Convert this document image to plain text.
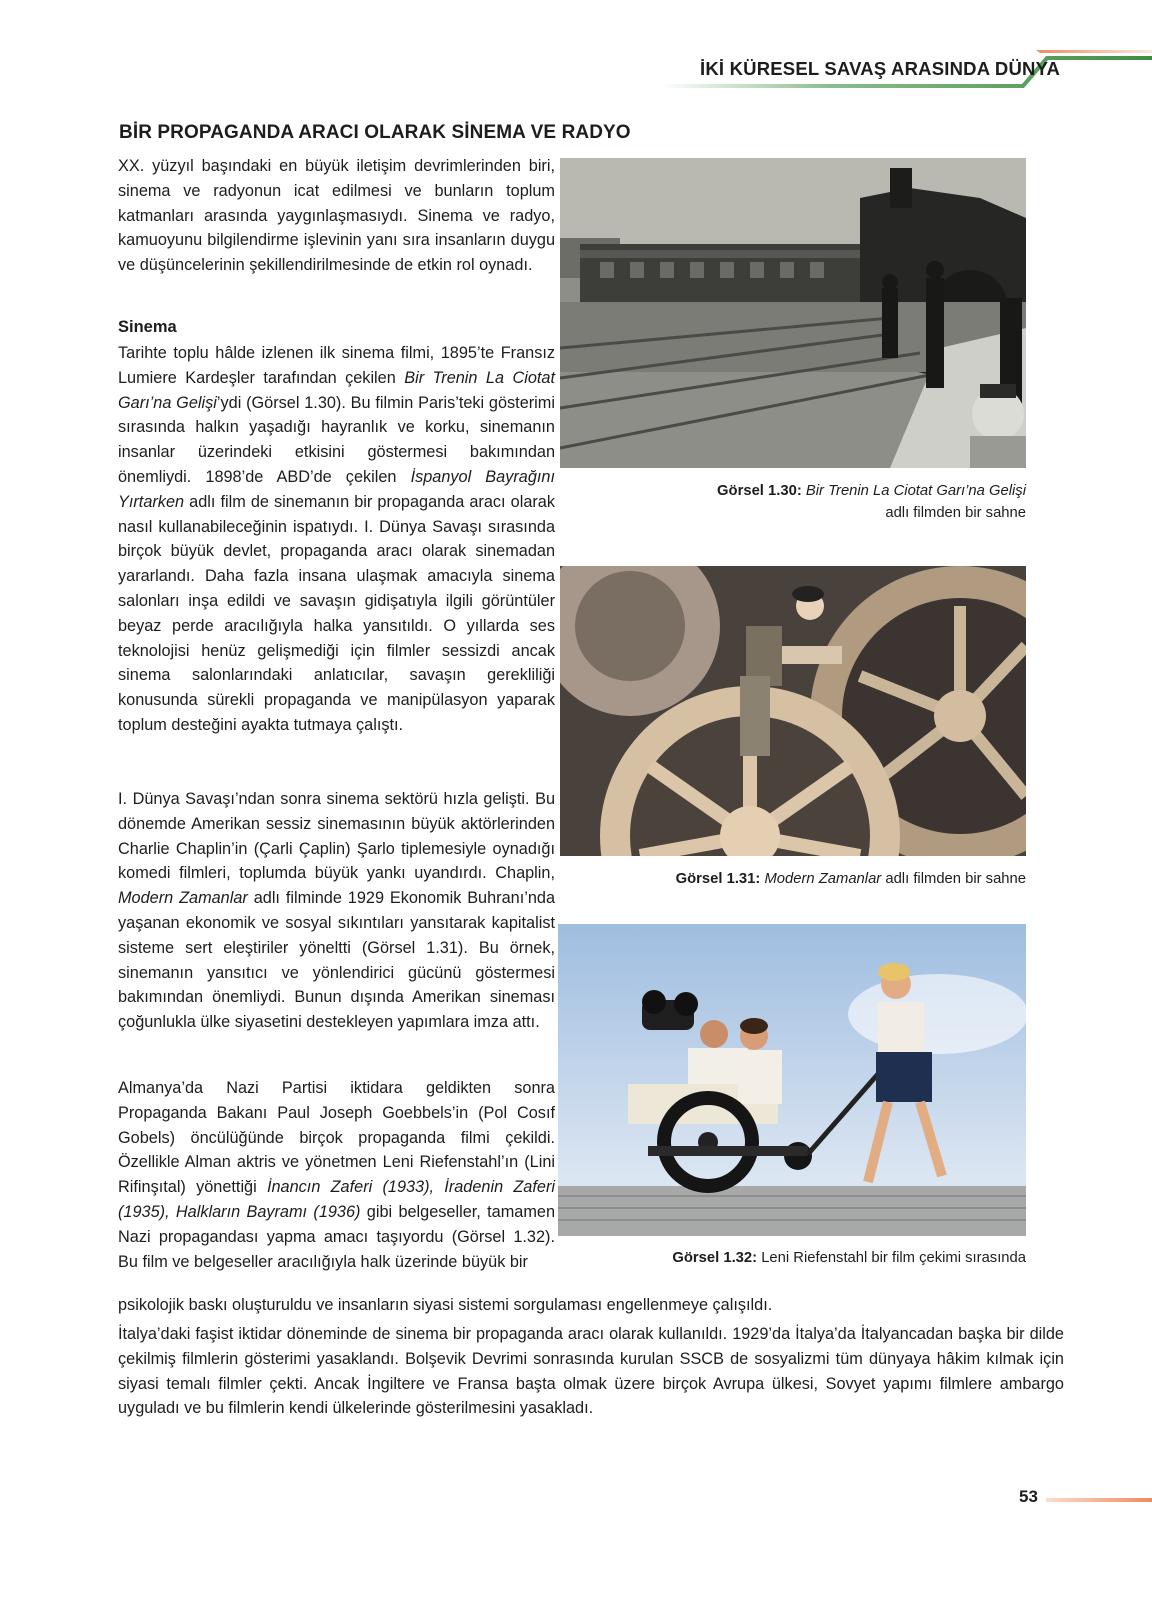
İKİ KÜRESEL SAVAŞ ARASINDA DÜNYA
BİR PROPAGANDA ARACI OLARAK SİNEMA VE RADYO

XX. yüzyıl başındaki en büyük iletişim devrimlerinden biri, sinema ve radyonun icat edilmesi ve bunların toplum katmanları arasında yaygınlaşmasıydı. Sinema ve radyo, kamuoyunu bilgilendirme işlevinin yanı sıra insanların duygu ve düşüncelerinin şekillendirilmesinde de etkin rol oynadı.

Sinema

Tarihte toplu hâlde izlenen ilk sinema filmi, 1895’te Fransız Lumiere Kardeşler tarafından çekilen Bir Trenin La Ciotat Garı’na Gelişi’ydi (Görsel 1.30). Bu filmin Paris’teki gösterimi sırasında halkın yaşadığı hayranlık ve korku, sinemanın insanlar üzerindeki etkisini göstermesi bakımından önemliydi. 1898’de ABD’de çekilen İspanyol Bayrağını Yırtarken adlı film de sinemanın bir propaganda aracı olarak nasıl kullanabileceğinin ispatıydı. I. Dünya Savaşı sırasında birçok büyük devlet, propaganda aracı olarak sinemadan yararlandı. Daha fazla insana ulaşmak amacıyla sinema salonları inşa edildi ve savaşın gidişatıyla ilgili görüntüler beyaz perde aracılığıyla halka yansıtıldı. O yıllarda ses teknolojisi henüz gelişmediği için filmler sessizdi ancak sinema salonlarındaki anlatıcılar, savaşın gerekliliği konusunda sürekli propaganda ve manipülasyon yaparak toplum desteğini ayakta tutmaya çalıştı.

I. Dünya Savaşı’ndan sonra sinema sektörü hızla gelişti. Bu dönemde Amerikan sessiz sinemasının büyük aktörlerinden Charlie Chaplin’in (Çarli Çaplin) Şarlo tiplemesiyle oynadığı komedi filmleri, toplumda büyük yankı uyandırdı. Chaplin, Modern Zamanlar adlı filminde 1929 Ekonomik Buhranı’nda yaşanan ekonomik ve sosyal sıkıntıları yansıtarak kapitalist sisteme sert eleştiriler yöneltti (Görsel 1.31). Bu örnek, sinemanın yansıtıcı ve yönlendirici gücünü göstermesi bakımından önemliydi. Bunun dışında Amerikan sineması çoğunlukla ülke siyasetini destekleyen yapımlara imza attı.

Almanya’da Nazi Partisi iktidara geldikten sonra Propaganda Bakanı Paul Joseph Goebbels’in (Pol Cosıf Gobels) öncülüğünde birçok propaganda filmi çekildi. Özellikle Alman aktris ve yönetmen Leni Riefenstahl’ın (Lini Rifinşıtal) yönettiği İnancın Zaferi (1933), İradenin Zaferi (1935), Halkların Bayramı (1936) gibi belgeseller, tamamen Nazi propagandası yapma amacı taşıyordu (Görsel 1.32). Bu film ve belgeseller aracılığıyla halk üzerinde büyük bir

psikolojik baskı oluşturuldu ve insanların siyasi sistemi sorgulaması engellenmeye çalışıldı.

İtalya’daki faşist iktidar döneminde de sinema bir propaganda aracı olarak kullanıldı. 1929’da İtalya’da İtalyancadan başka bir dilde çekilmiş filmlerin gösterimi yasaklandı. Bolşevik Devrimi sonrasında kurulan SSCB de sosyalizmi tüm dünyaya hâkim kılmak için siyasi temalı filmler çekti. Ancak İngiltere ve Fransa başta olmak üzere birçok Avrupa ülkesi, Sovyet yapımı filmlere ambargo uyguladı ve bu filmlerin kendi ülkelerinde gösterilmesini yasakladı.

Görsel 1.30: Bir Trenin La Ciotat Garı’na Gelişi
adlı filmden bir sahne
Görsel 1.31: Modern Zamanlar adlı filmden bir sahne
Görsel 1.32: Leni Riefenstahl bir film çekimi sırasında
53
